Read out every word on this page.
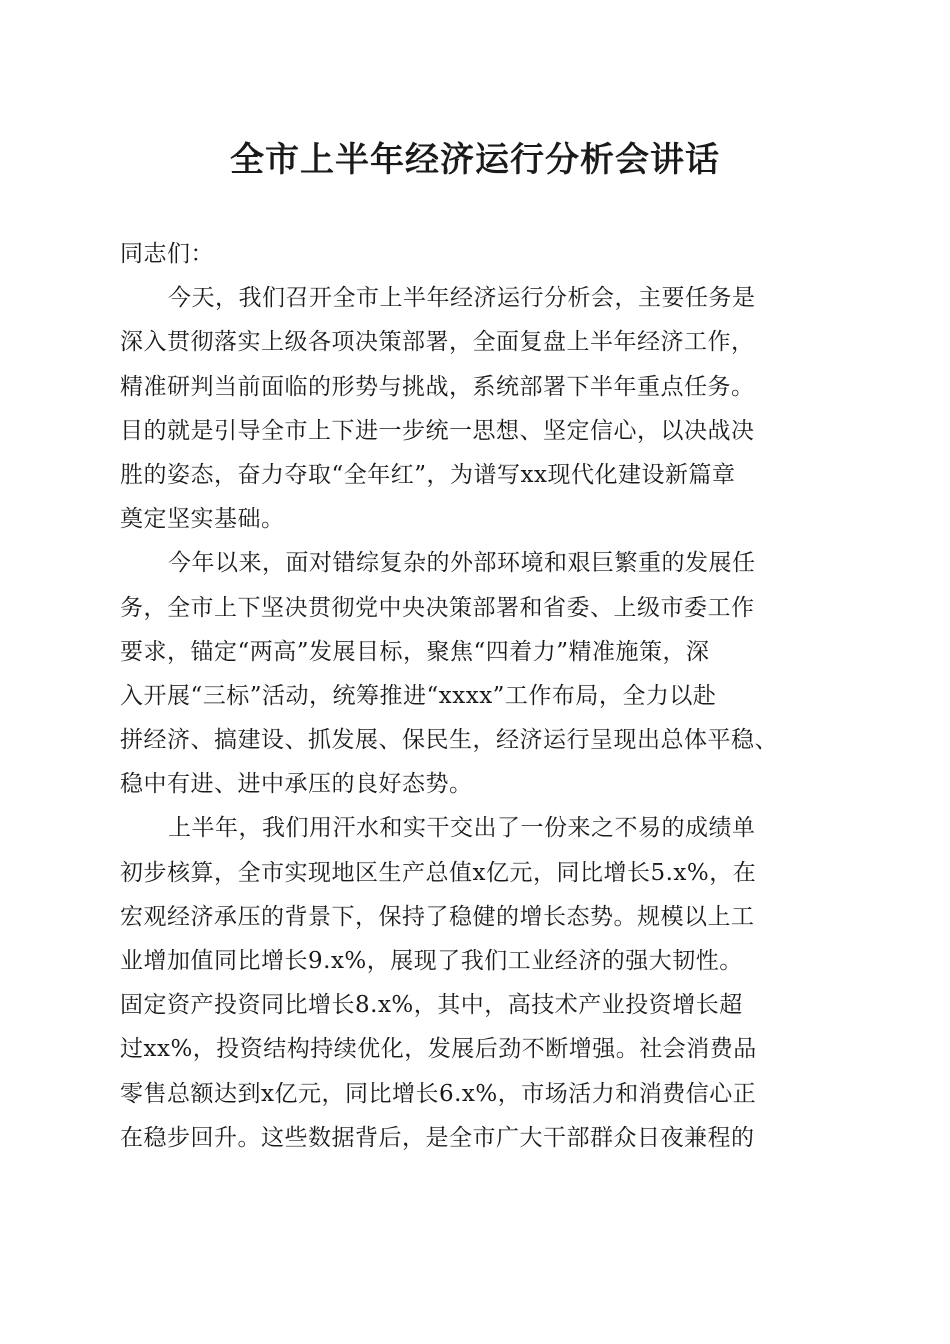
全市上半年经济运行分析会讲话
同志们：
今天，我们召开全市上半年经济运行分析会，主要任务是
深入贯彻落实上级各项决策部署，全面复盘上半年经济工作，
精准研判当前面临的形势与挑战，系统部署下半年重点任务。
目的就是引导全市上下进一步统一思想、坚定信心，以决战决
胜的姿态，奋力夺取“全年红”，为谱写xx现代化建设新篇章
奠定坚实基础。
今年以来，面对错综复杂的外部环境和艰巨繁重的发展任
务，全市上下坚决贯彻党中央决策部署和省委、上级市委工作
要求，锚定“两高”发展目标，聚焦“四着力”精准施策，深
入开展“三标”活动，统筹推进“xxxx”工作布局，全力以赴
拼经济、搞建设、抓发展、保民生，经济运行呈现出总体平稳、
稳中有进、进中承压的良好态势。
上半年，我们用汗水和实干交出了一份来之不易的成绩单
初步核算，全市实现地区生产总值x亿元，同比增长5.x%，在
宏观经济承压的背景下，保持了稳健的增长态势。规模以上工
业增加值同比增长9.x%，展现了我们工业经济的强大韧性。
固定资产投资同比增长8.x%，其中，高技术产业投资增长超
过xx%，投资结构持续优化，发展后劲不断增强。社会消费品
零售总额达到x亿元，同比增长6.x%，市场活力和消费信心正
在稳步回升。这些数据背后，是全市广大干部群众日夜兼程的
